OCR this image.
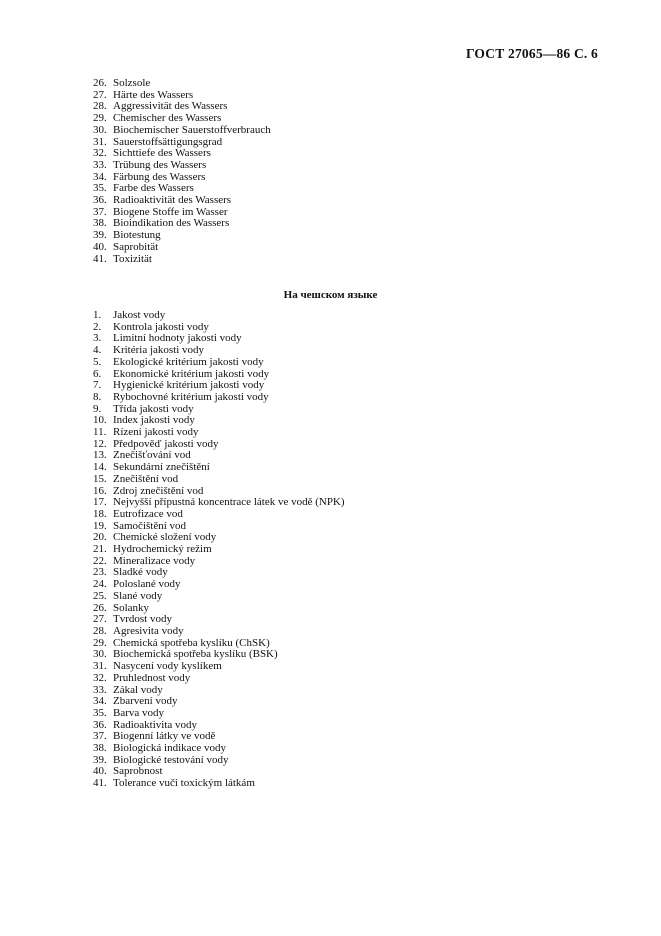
ГОСТ 27065—86 С. 6
26. Solzsole
27. Härte des Wassers
28. Aggressivität des Wassers
29. Chemischer des Wassers
30. Biochemischer Sauerstoffverbrauch
31. Sauerstoffsättigungsgrad
32. Sichttiefe des Wassers
33. Trübung des Wassers
34. Färbung des Wassers
35. Farbe des Wassers
36. Radioaktivität des Wassers
37. Biogene Stoffe im Wasser
38. Bioindikation des Wassers
39. Biotestung
40. Saprobität
41. Toxizität
На чешском языке
1.	Jakost vody
2.	Kontrola jakosti vody
3.	Limitní hodnoty jakosti vody
4.	Kritéria jakosti vody
5.	Ekologické kritérium jakosti vody
6.	Ekonomické kritérium jakosti vody
7.	Hygienické kritérium jakosti vody
8.	Rybochovné kritérium jakosti vody
9.	Třída jakosti vody
10. Index jakosti vody
11. Rízení jakosti vody
12. Předpověď jakosti vody
13. Znečišťování vod
14. Sekundární znečištění
15. Znečištění vod
16. Zdroj znečištění vod
17. Nejvyšší přípustná koncentrace látek ve vodě (NPK)
18. Eutrofizace vod
19. Samočištění vod
20. Chemické složení vody
21. Hydrochemický režim
22. Mineralizace vody
23. Sladké vody
24. Poloslané vody
25. Slané vody
26. Solanky
27. Tvrdost vody
28. Agresivita vody
29. Chemická spotřeba kyslíku (ChSK)
30. Biochemická spotřeba kyslíku (BSK)
31. Nasycení vody kyslíkem
32. Pruhlednost vody
33. Zákal vody
34. Zbarvení vody
35. Barva vody
36. Radioaktivita vody
37. Biogenní látky ve vodě
38. Biologická indikace vody
39. Biologické testování vody
40. Saprobnost
41. Tolerance vuči toxickým látkám
